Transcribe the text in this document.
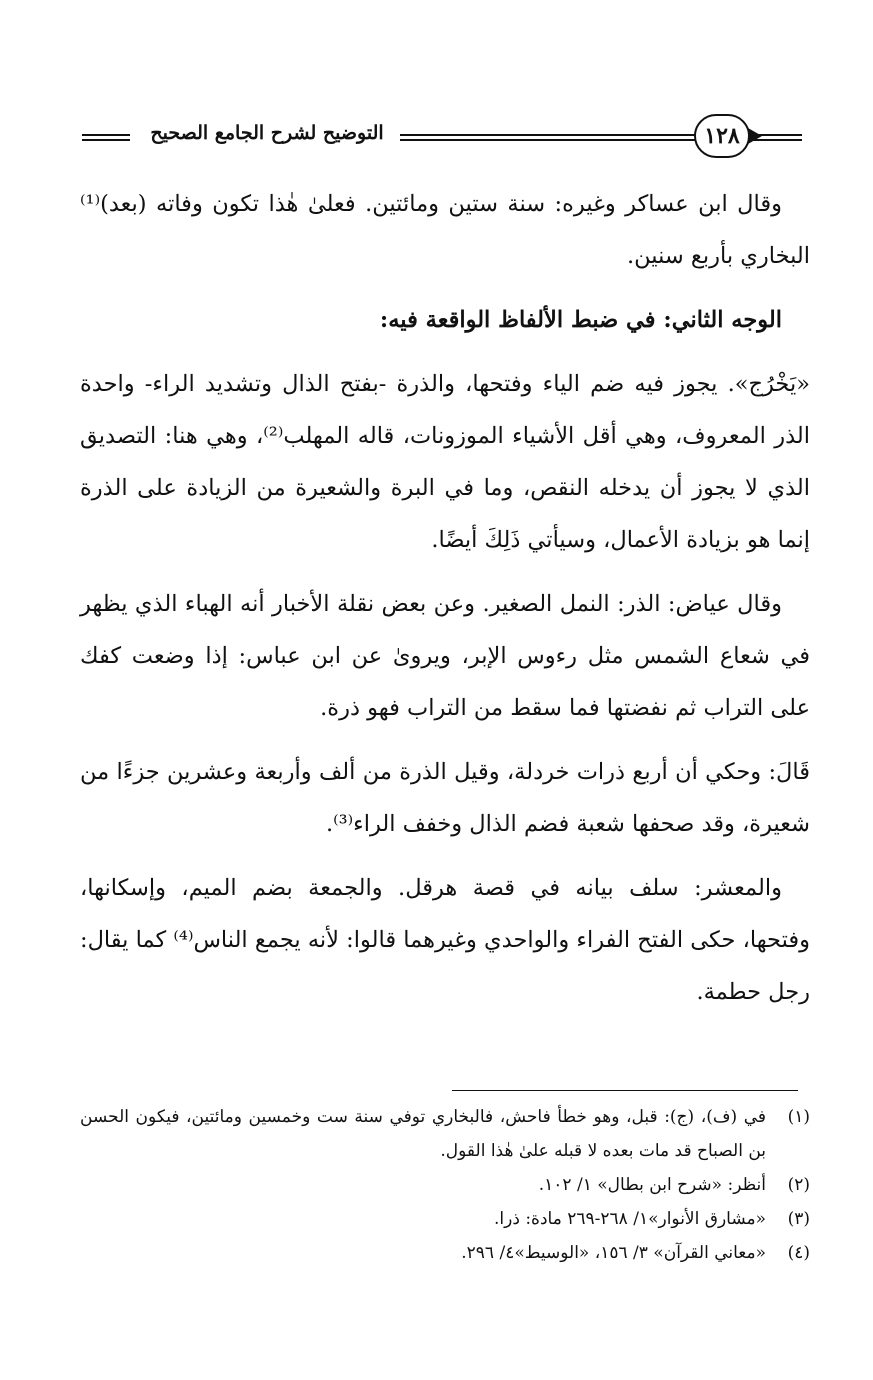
التوضيح لشرح الجامع الصحيح	١٢٨

وقال ابن عساكر وغيره: سنة ستين ومائتين. فعلىٰ هٰذا تكون وفاته (بعد)⁽¹⁾ البخاري بأربع سنين.

الوجه الثاني: في ضبط الألفاظ الواقعة فيه:

«يَخْرُج». يجوز فيه ضم الياء وفتحها، والذرة -بفتح الذال وتشديد الراء- واحدة الذر المعروف، وهي أقل الأشياء الموزونات، قاله المهلب⁽²⁾، وهي هنا: التصديق الذي لا يجوز أن يدخله النقص، وما في البرة والشعيرة من الزيادة على الذرة إنما هو بزيادة الأعمال، وسيأتي ذَلِكَ أيضًا.

وقال عياض: الذر: النمل الصغير. وعن بعض نقلة الأخبار أنه الهباء الذي يظهر في شعاع الشمس مثل رءوس الإبر، ويروىٰ عن ابن عباس: إذا وضعت كفك على التراب ثم نفضتها فما سقط من التراب فهو ذرة.

قَالَ: وحكي أن أربع ذرات خردلة، وقيل الذرة من ألف وأربعة وعشرين جزءًا من شعيرة، وقد صحفها شعبة فضم الذال وخفف الراء⁽³⁾.

والمعشر: سلف بيانه في قصة هرقل. والجمعة بضم الميم، وإسكانها، وفتحها، حكى الفتح الفراء والواحدي وغيرهما قالوا: لأنه يجمع الناس⁽⁴⁾ كما يقال: رجل حطمة.

(١)
في (ف)، (ج): قبل، وهو خطأ فاحش، فالبخاري توفي سنة ست وخمسين ومائتين، فيكون الحسن بن الصباح قد مات بعده لا قبله علىٰ هٰذا القول.
(٢)
أنظر: «شرح ابن بطال» ١/ ١٠٢.
(٣)
«مشارق الأنوار»١/ ٢٦٨-٢٦٩ مادة: ذرا.
(٤)
«معاني القرآن» ٣/ ١٥٦، «الوسيط»٤/ ٢٩٦.
